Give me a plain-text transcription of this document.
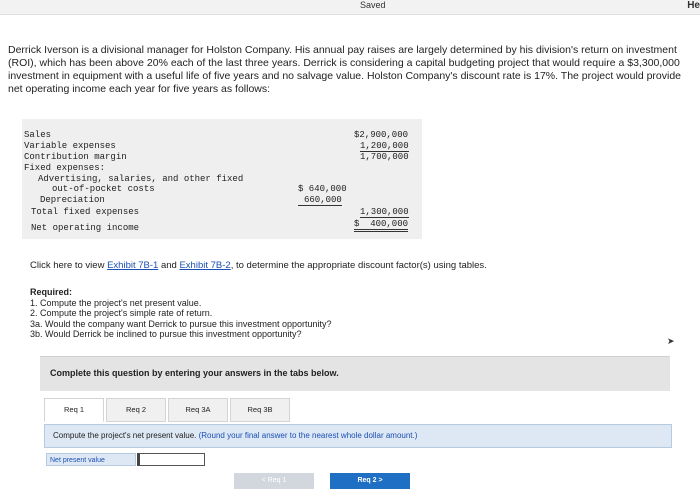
Saved	He
Derrick Iverson is a divisional manager for Holston Company. His annual pay raises are largely determined by his division's return on investment (ROI), which has been above 20% each of the last three years. Derrick is considering a capital budgeting project that would require a $3,300,000 investment in equipment with a useful life of five years and no salvage value. Holston Company's discount rate is 17%. The project would provide net operating income each year for five years as follows:
Sales	$2,900,000
Variable expenses	1,200,000
Contribution margin	1,700,000
Fixed expenses:
Advertising, salaries, and other fixed
out-of-pocket costs	$ 640,000
Depreciation	660,000
Total fixed expenses	1,300,000
Net operating income	$  400,000
Click here to view Exhibit 7B-1 and Exhibit 7B-2, to determine the appropriate discount factor(s) using tables.
Required:
1. Compute the project's net present value.
2. Compute the project's simple rate of return.
3a. Would the company want Derrick to pursue this investment opportunity?
3b. Would Derrick be inclined to pursue this investment opportunity?
➤
Complete this question by entering your answers in the tabs below.
Req 1	Req 2	Req 3A	Req 3B
Compute the project's net present value. (Round your final answer to the nearest whole dollar amount.)
Net present value
< Req 1	Req 2 >
